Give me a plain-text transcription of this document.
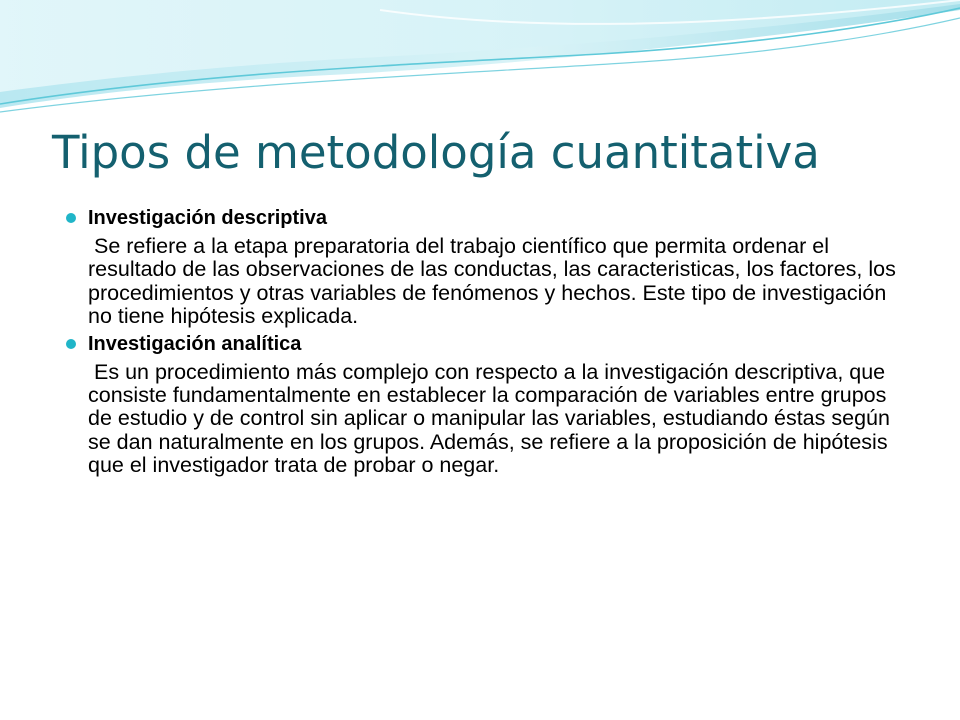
Tipos de metodología cuantitativa
Investigación descriptiva
Se refiere a la etapa preparatoria del trabajo científico que permita ordenar el resultado de las observaciones de las conductas, las caracteristicas, los factores, los procedimientos y otras variables de fenómenos y hechos. Este tipo de investigación no tiene hipótesis explicada.
Investigación analítica
Es un procedimiento más complejo con respecto a la investigación descriptiva, que consiste fundamentalmente en establecer la comparación de variables entre grupos de estudio y de control sin aplicar o manipular las variables, estudiando éstas según se dan naturalmente en los grupos. Además, se refiere a la proposición de hipótesis que el investigador trata de probar o negar.
